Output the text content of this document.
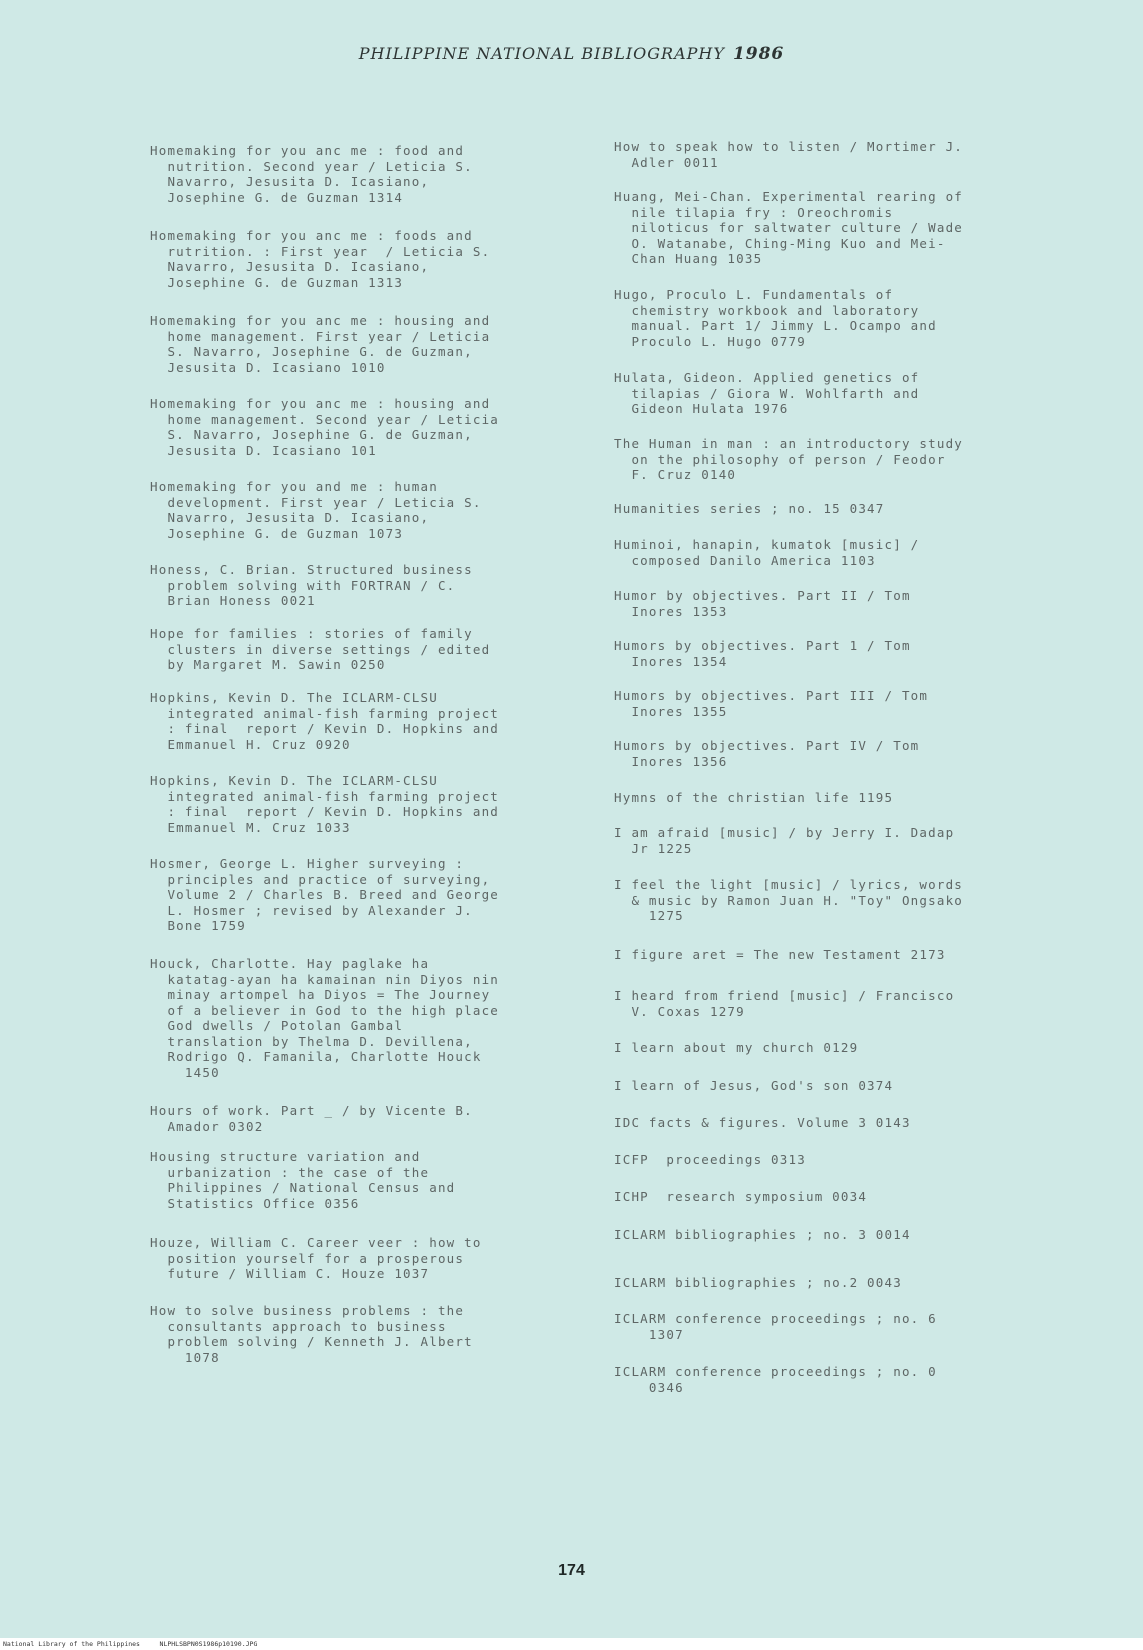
PHILIPPINE NATIONAL BIBLIOGRAPHY 1986

Homemaking for you anc me : food and
nutrition. Second year / Leticia S.
Navarro, Jesusita D. Icasiano,
Josephine G. de Guzman 1314

Homemaking for you anc me : foods and
rutrition. : First year  / Leticia S.
Navarro, Jesusita D. Icasiano,
Josephine G. de Guzman 1313

Homemaking for you anc me : housing and
home management. First year / Leticia
S. Navarro, Josephine G. de Guzman,
Jesusita D. Icasiano 1010

Homemaking for you anc me : housing and
home management. Second year / Leticia
S. Navarro, Josephine G. de Guzman,
Jesusita D. Icasiano 101

Homemaking for you and me : human
development. First year / Leticia S.
Navarro, Jesusita D. Icasiano,
Josephine G. de Guzman 1073

Honess, C. Brian. Structured business
problem solving with FORTRAN / C.
Brian Honess 0021

Hope for families : stories of family
clusters in diverse settings / edited
by Margaret M. Sawin 0250

Hopkins, Kevin D. The ICLARM-CLSU
integrated animal-fish farming project
: final  report / Kevin D. Hopkins and
Emmanuel H. Cruz 0920

Hopkins, Kevin D. The ICLARM-CLSU
integrated animal-fish farming project
: final  report / Kevin D. Hopkins and
Emmanuel M. Cruz 1033

Hosmer, George L. Higher surveying :
principles and practice of surveying,
Volume 2 / Charles B. Breed and George
L. Hosmer ; revised by Alexander J.
Bone 1759

Houck, Charlotte. Hay paglake ha
katatag-ayan ha kamainan nin Diyos nin
minay artompel ha Diyos = The Journey
of a believer in God to the high place
God dwells / Potolan Gambal
translation by Thelma D. Devillena,
Rodrigo Q. Famanila, Charlotte Houck
1450

Hours of work. Part _ / by Vicente B.
Amador 0302

Housing structure variation and
urbanization : the case of the
Philippines / National Census and
Statistics Office 0356

Houze, William C. Career veer : how to
position yourself for a prosperous
future / William C. Houze 1037

How to solve business problems : the
consultants approach to business
problem solving / Kenneth J. Albert
1078

How to speak how to listen / Mortimer J.
Adler 0011

Huang, Mei-Chan. Experimental rearing of
nile tilapia fry : Oreochromis
niloticus for saltwater culture / Wade
O. Watanabe, Ching-Ming Kuo and Mei-
Chan Huang 1035

Hugo, Proculo L. Fundamentals of
chemistry workbook and laboratory
manual. Part 1/ Jimmy L. Ocampo and
Proculo L. Hugo 0779

Hulata, Gideon. Applied genetics of
tilapias / Giora W. Wohlfarth and
Gideon Hulata 1976

The Human in man : an introductory study
on the philosophy of person / Feodor
F. Cruz 0140

Humanities series ; no. 15 0347

Huminoi, hanapin, kumatok [music] /
composed Danilo America 1103

Humor by objectives. Part II / Tom
Inores 1353

Humors by objectives. Part 1 / Tom
Inores 1354

Humors by objectives. Part III / Tom
Inores 1355

Humors by objectives. Part IV / Tom
Inores 1356

Hymns of the christian life 1195

I am afraid [music] / by Jerry I. Dadap
Jr 1225

I feel the light [music] / lyrics, words
& music by Ramon Juan H. "Toy" Ongsako
1275

I figure aret = The new Testament 2173

I heard from friend [music] / Francisco
V. Coxas 1279

I learn about my church 0129

I learn of Jesus, God's son 0374

IDC facts & figures. Volume 3 0143

ICFP  proceedings 0313

ICHP  research symposium 0034

ICLARM bibliographies ; no. 3 0014

ICLARM bibliographies ; no.2 0043

ICLARM conference proceedings ; no. 6
1307

ICLARM conference proceedings ; no. 0
0346

174
National Library of the Philippines     NLPHLSBPN0S1986p10190.JPG
